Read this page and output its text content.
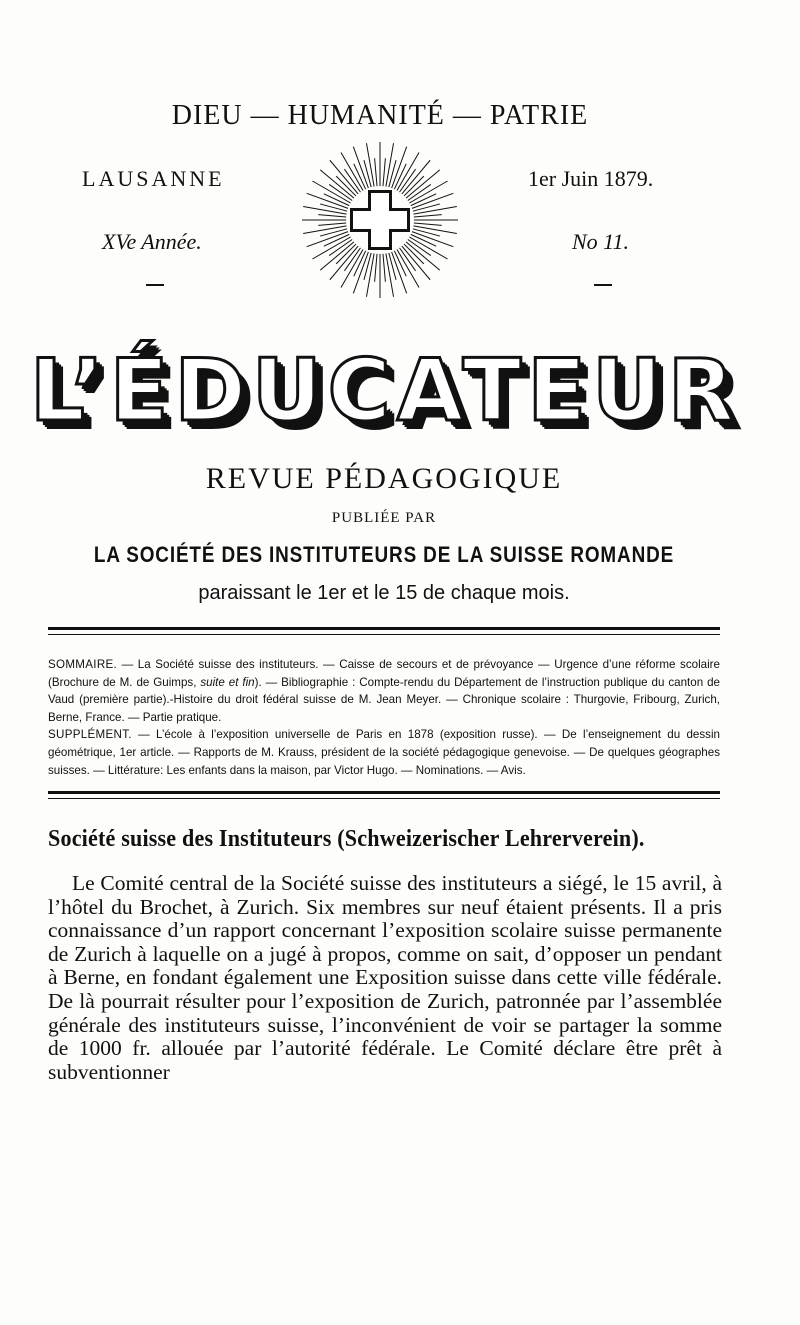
DIEU — HUMANITÉ — PATRIE
LAUSANNE	1er Juin 1879.
XVe Année.	No 11.
L’ÉDUCATEUR
REVUE PÉDAGOGIQUE
PUBLIÉE PAR
LA SOCIÉTÉ DES INSTITUTEURS DE LA SUISSE ROMANDE
paraissant le 1er et le 15 de chaque mois.

SOMMAIRE. — La Société suisse des instituteurs. — Caisse de secours et de prévoyance — Urgence d’une réforme scolaire (Brochure de M. de Guimps, suite et fin). — Bibliographie : Compte-rendu du Département de l’instruction publique du canton de Vaud (première partie).-Histoire du droit fédéral suisse de M. Jean Meyer. — Chronique scolaire : Thurgovie, Fribourg, Zurich, Berne, France. — Partie pratique.

SUPPLÉMENT. — L’école à l’exposition universelle de Paris en 1878 (exposition russe). — De l’enseignement du dessin géométrique, 1er article. — Rapports de M. Krauss, président de la société pédagogique genevoise. — De quelques géographes suisses. — Littérature: Les enfants dans la maison, par Victor Hugo. — Nominations. — Avis.

Société suisse des Instituteurs (Schweizerischer Lehrerverein).
Le Comité central de la Société suisse des instituteurs a siégé, le 15 avril, à l’hôtel du Brochet, à Zurich. Six membres sur neuf étaient présents. Il a pris connaissance d’un rapport concernant l’exposition scolaire suisse permanente de Zurich à laquelle on a jugé à propos, comme on sait, d’opposer un pendant à Berne, en fondant également une Exposition suisse dans cette ville fédérale. De là pourrait résulter pour l’exposition de Zurich, patronnée par l’assemblée générale des instituteurs suisse, l’inconvénient de voir se partager la somme de 1000 fr. allouée par l’autorité fédérale. Le Comité déclare être prêt à subventionner
